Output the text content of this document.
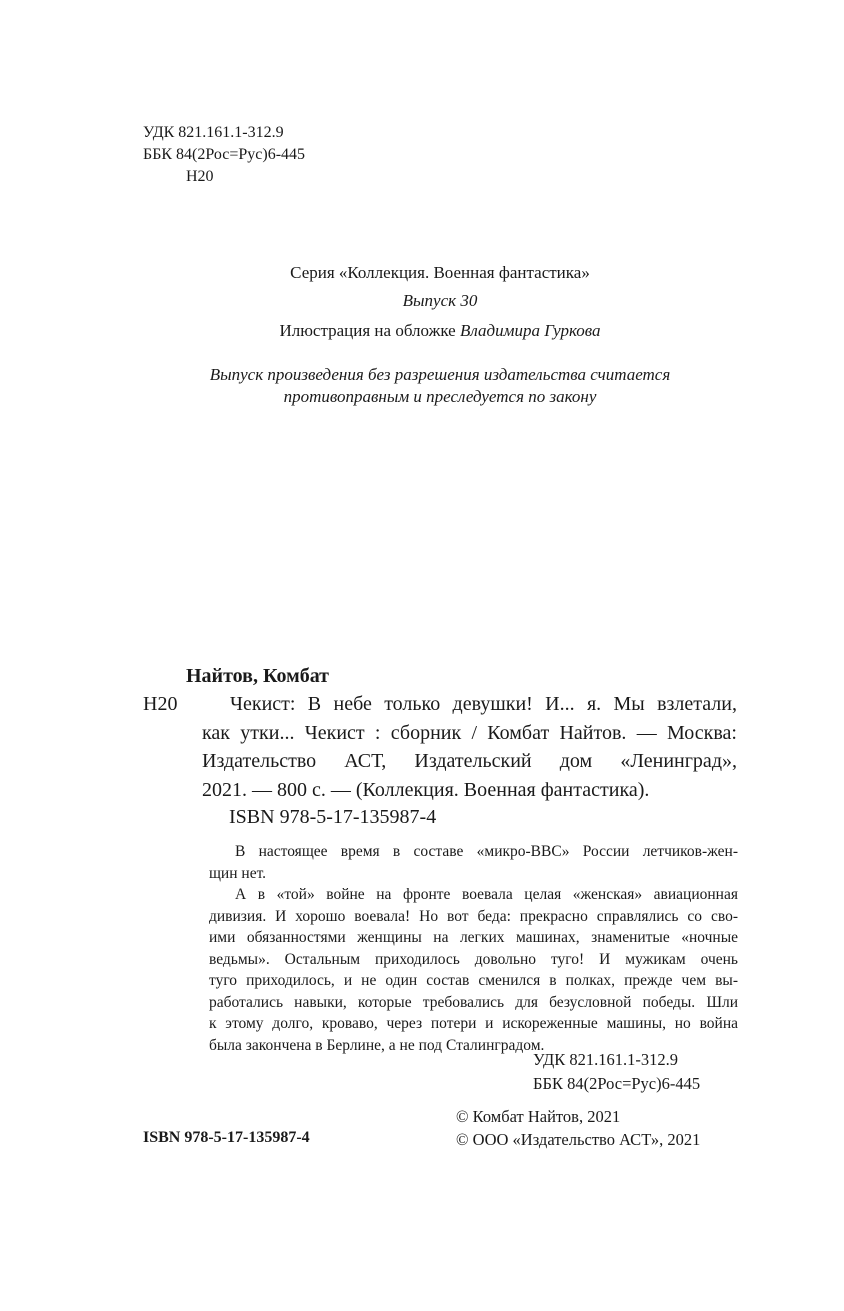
УДК 821.161.1-312.9
ББК 84(2Рос=Рус)6-445
Н20
Серия «Коллекция. Военная фантастика»
Выпуск 30
Илюстрация на обложке Владимира Гуркова
Выпуск произведения без разрешения издательства считается
противоправным и преследуется по закону
Найтов, Комбат
Н20	Чекист: В небе только девушки! И... я. Мы взлетали,
как утки... Чекист : сборник / Комбат Найтов. — Москва:
Издательство АСТ, Издательский дом «Ленинград»,
2021. — 800 с. — (Коллекция. Военная фантастика).
ISBN 978-5-17-135987-4
В настоящее время в составе «микро-ВВС» России летчиков-жен-
щин нет.
А в «той» войне на фронте воевала целая «женская» авиационная
дивизия. И хорошо воевала! Но вот беда: прекрасно справлялись со сво-
ими обязанностями женщины на легких машинах, знаменитые «ночные
ведьмы». Остальным приходилось довольно туго! И мужикам очень
туго приходилось, и не один состав сменился в полках, прежде чем вы-
работались навыки, которые требовались для безусловной победы. Шли
к этому долго, кроваво, через потери и искореженные машины, но война
была закончена в Берлине, а не под Сталинградом.
УДК 821.161.1-312.9
ББК 84(2Рос=Рус)6-445
© Комбат Найтов, 2021
ISBN 978-5-17-135987-4	© ООО «Издательство АСТ», 2021
